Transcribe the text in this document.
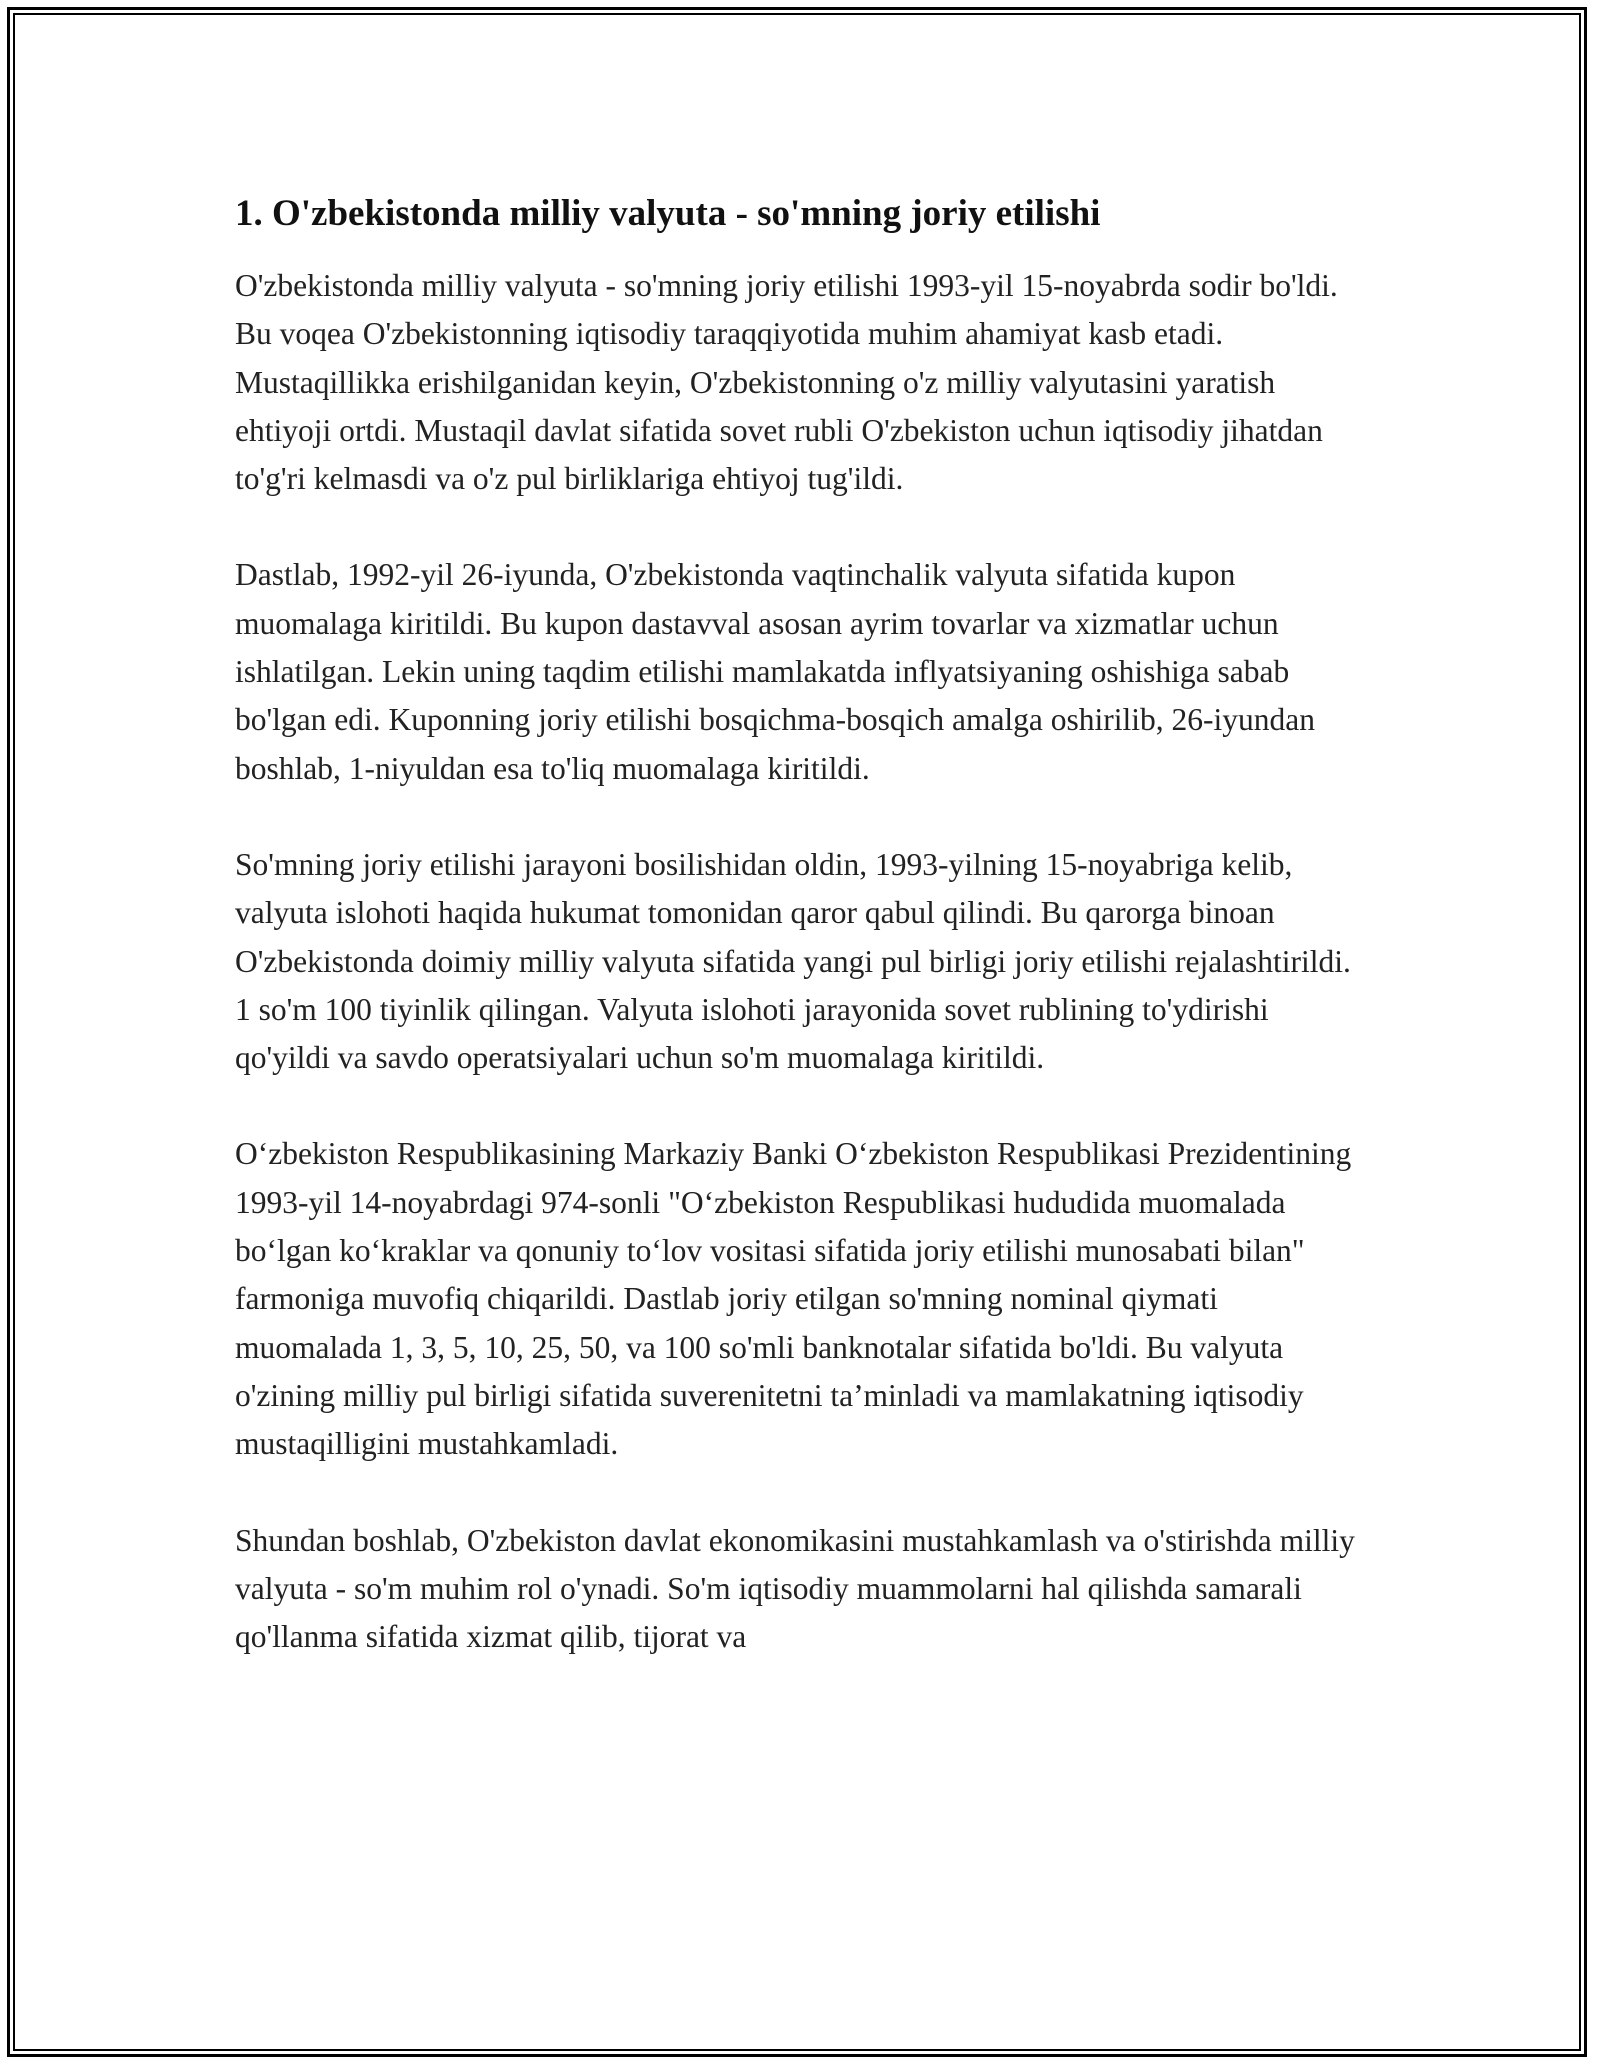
1. O'zbekistonda milliy valyuta - so'mning joriy etilishi

O'zbekistonda milliy valyuta - so'mning joriy etilishi 1993-yil 15-noyabrda sodir bo'ldi. Bu voqea O'zbekistonning iqtisodiy taraqqiyotida muhim ahamiyat kasb etadi. Mustaqillikka erishilganidan keyin, O'zbekistonning o'z milliy valyutasini yaratish ehtiyoji ortdi. Mustaqil davlat sifatida sovet rubli O'zbekiston uchun iqtisodiy jihatdan to'g'ri kelmasdi va o'z pul birliklariga ehtiyoj tug'ildi.

Dastlab, 1992-yil 26-iyunda, O'zbekistonda vaqtinchalik valyuta sifatida kupon muomalaga kiritildi. Bu kupon dastavval asosan ayrim tovarlar va xizmatlar uchun ishlatilgan. Lekin uning taqdim etilishi mamlakatda inflyatsiyaning oshishiga sabab bo'lgan edi. Kuponning joriy etilishi bosqichma-bosqich amalga oshirilib, 26-iyundan boshlab, 1-niyuldan esa to'liq muomalaga kiritildi.

So'mning joriy etilishi jarayoni bosilishidan oldin, 1993-yilning 15-noyabriga kelib, valyuta islohoti haqida hukumat tomonidan qaror qabul qilindi. Bu qarorga binoan O'zbekistonda doimiy milliy valyuta sifatida yangi pul birligi joriy etilishi rejalashtirildi. 1 so'm 100 tiyinlik qilingan. Valyuta islohoti jarayonida sovet rublining to'ydirishi qo'yildi va savdo operatsiyalari uchun so'm muomalaga kiritildi.

O‘zbekiston Respublikasining Markaziy Banki O‘zbekiston Respublikasi Prezidentining 1993-yil 14-noyabrdagi 974-sonli "O‘zbekiston Respublikasi hududida muomalada bo‘lgan ko‘kraklar va qonuniy to‘lov vositasi sifatida joriy etilishi munosabati bilan" farmoniga muvofiq chiqarildi. Dastlab joriy etilgan so'mning nominal qiymati muomalada 1, 3, 5, 10, 25, 50, va 100 so'mli banknotalar sifatida bo'ldi. Bu valyuta o'zining milliy pul birligi sifatida suverenitetni ta’minladi va mamlakatning iqtisodiy mustaqilligini mustahkamladi.

Shundan boshlab, O'zbekiston davlat ekonomikasini mustahkamlash va o'stirishda milliy valyuta - so'm muhim rol o'ynadi. So'm iqtisodiy muammolarni hal qilishda samarali qo'llanma sifatida xizmat qilib, tijorat va
